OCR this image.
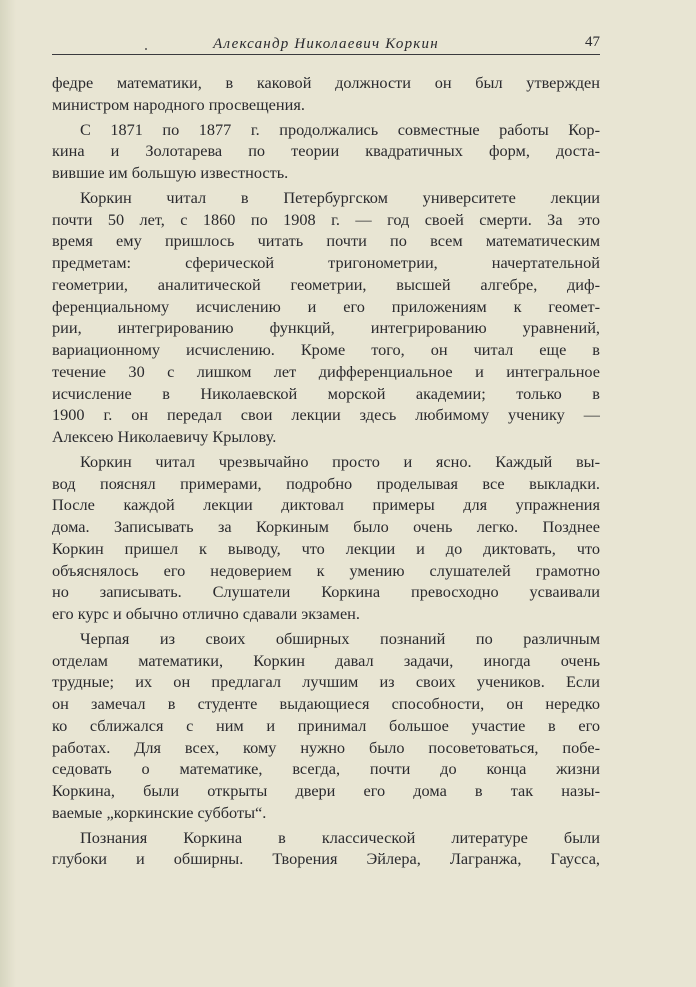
Александр Николаевич Коркин	47
федре математики, в каковой должности он был утвержден
министром народного просвещения.
С 1871 по 1877 г. продолжались совместные работы Кор-
кина и Золотарева по теории квадратичных форм, доста-
вившие им большую известность.
Коркин читал в Петербургском университете лекции
почти 50 лет, с 1860 по 1908 г. — год своей смерти. За это
время ему пришлось читать почти по всем математическим
предметам: сферической тригонометрии, начертательной
геометрии, аналитической геометрии, высшей алгебре, диф-
ференциальному исчислению и его приложениям к геомет-
рии, интегрированию функций, интегрированию уравнений,
вариационному исчислению. Кроме того, он читал еще в
течение 30 с лишком лет дифференциальное и интегральное
исчисление в Николаевской морской академии; только в
1900 г. он передал свои лекции здесь любимому ученику —
Алексею Николаевичу Крылову.
Коркин читал чрезвычайно просто и ясно. Каждый вы-
вод пояснял примерами, подробно проделывая все выкладки.
После каждой лекции диктовал примеры для упражнения
дома. Записывать за Коркиным было очень легко. Позднее
Коркин пришел к выводу, что лекции и до диктовать, что
объяснялось его недоверием к умению слушателей грамотно
но записывать. Слушатели Коркина превосходно усваивали
его курс и обычно отлично сдавали экзамен.
Черпая из своих обширных познаний по различным
отделам математики, Коркин давал задачи, иногда очень
трудные; их он предлагал лучшим из своих учеников. Если
он замечал в студенте выдающиеся способности, он нередко
ко сближался с ним и принимал большое участие в его
работах. Для всех, кому нужно было посоветоваться, побе-
седовать о математике, всегда, почти до конца жизни
Коркина, были открыты двери его дома в так назы-
ваемые „коркинские субботы“.
Познания Коркина в классической литературе были
глубоки и обширны. Творения Эйлера, Лагранжа, Гаусса,
